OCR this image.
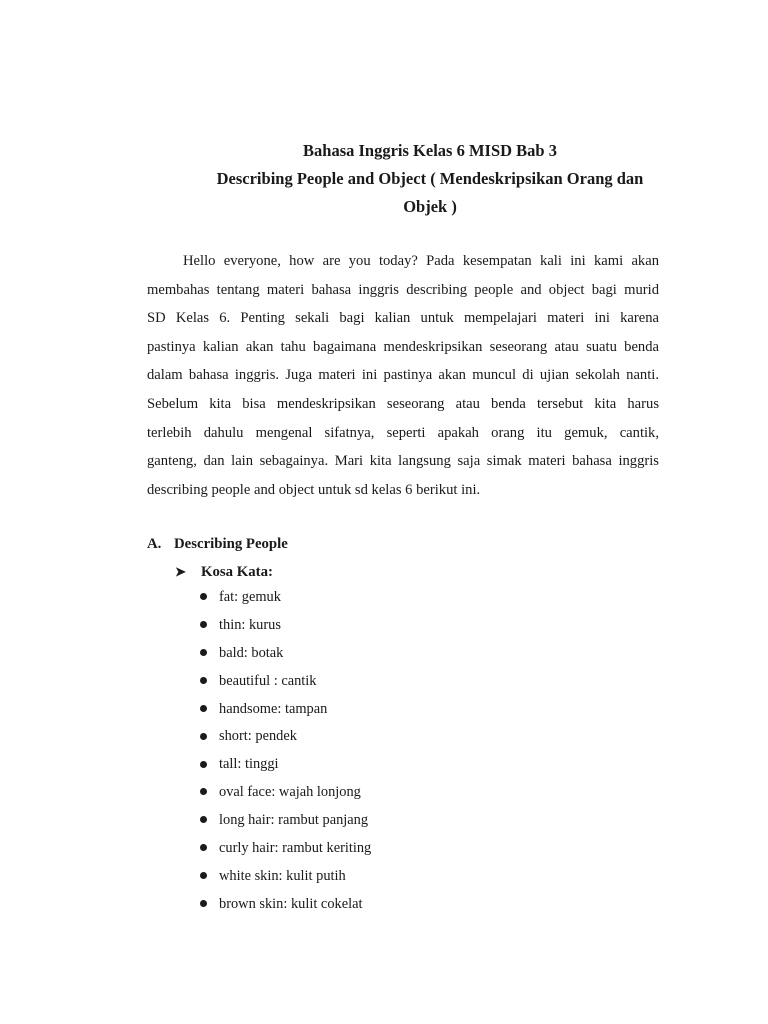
Bahasa Inggris Kelas 6 MISD Bab 3
Describing People and Object ( Mendeskripsikan Orang dan
Objek )
Hello everyone, how are you today? Pada kesempatan kali ini kami akan
membahas tentang materi bahasa inggris describing people and object bagi murid
SD Kelas 6. Penting sekali bagi kalian untuk mempelajari materi ini karena
pastinya kalian akan tahu bagaimana mendeskripsikan seseorang atau suatu benda
dalam bahasa inggris. Juga materi ini pastinya akan muncul di ujian sekolah nanti.
Sebelum kita bisa mendeskripsikan seseorang atau benda tersebut kita harus
terlebih dahulu mengenal sifatnya, seperti apakah orang itu gemuk, cantik,
ganteng, dan lain sebagainya. Mari kita langsung saja simak materi bahasa inggris
describing people and object untuk sd kelas 6 berikut ini.
A. Describing People
➤ Kosa Kata:
fat: gemuk
thin: kurus
bald: botak
beautiful : cantik
handsome: tampan
short: pendek
tall: tinggi
oval face: wajah lonjong
long hair: rambut panjang
curly hair: rambut keriting
white skin: kulit putih
brown skin: kulit cokelat
